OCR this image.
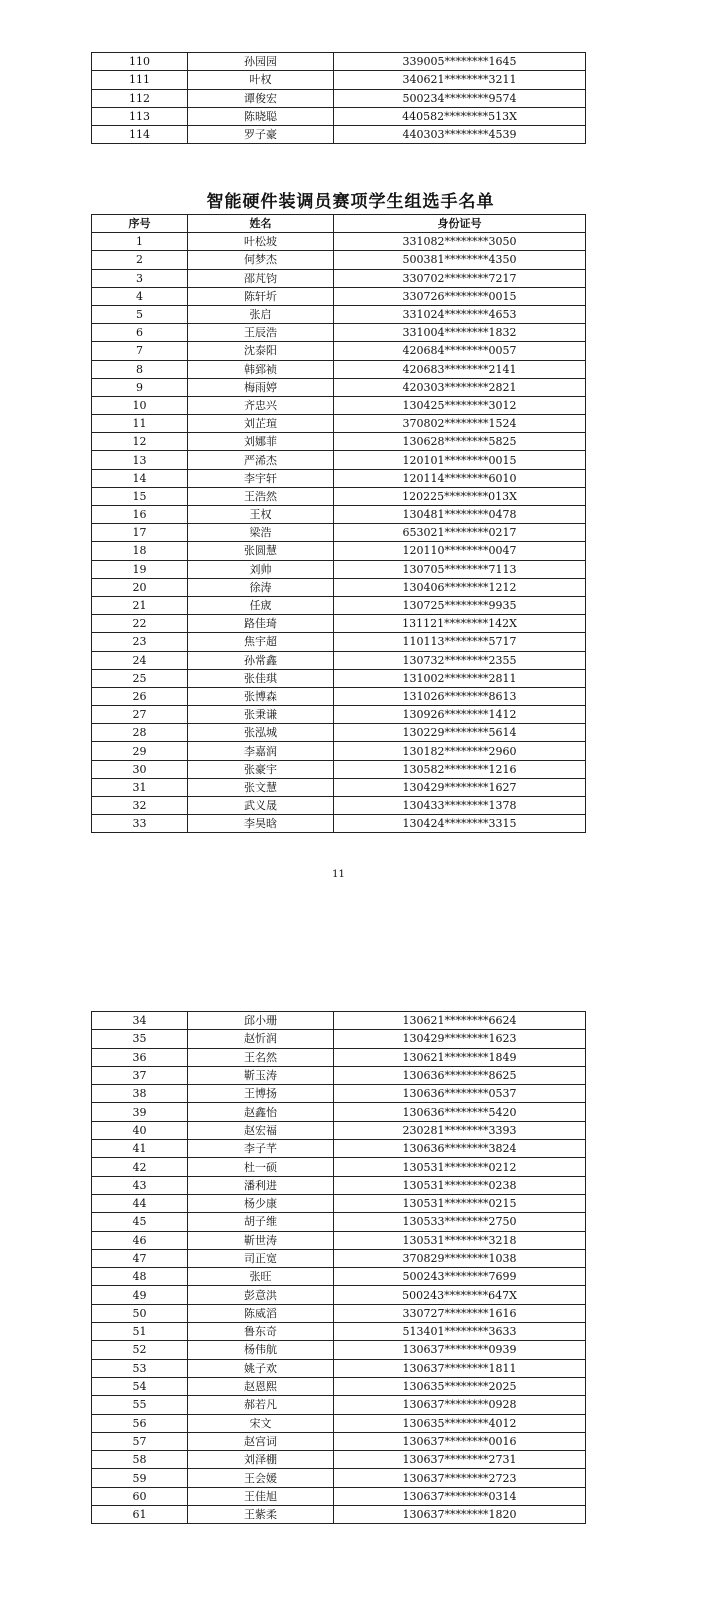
110	孙园园	339005********1645
111	叶权	340621********3211
112	谭俊宏	500234********9574
113	陈晓聪	440582********513X
114	罗子豪	440303********4539
智能硬件装调员赛项学生组选手名单
序号	姓名	身份证号
1	叶松坡	331082********3050
2	何梦杰	500381********4350
3	邵芃钧	330702********7217
4	陈轩圻	330726********0015
5	张启	331024********4653
6	王辰浩	331004********1832
7	沈泰阳	420684********0057
8	韩郅祯	420683********2141
9	梅雨婷	420303********2821
10	齐忠兴	130425********3012
11	刘芷瑄	370802********1524
12	刘娜菲	130628********5825
13	严浠杰	120101********0015
14	李宇轩	120114********6010
15	王浩然	120225********013X
16	王权	130481********0478
17	梁浩	653021********0217
18	张圆慧	120110********0047
19	刘帅	130705********7113
20	徐涛	130406********1212
21	任宬	130725********9935
22	路佳琦	131121********142X
23	焦宇超	110113********5717
24	孙常鑫	130732********2355
25	张佳琪	131002********2811
26	张博森	131026********8613
27	张秉谦	130926********1412
28	张泓城	130229********5614
29	李嘉润	130182********2960
30	张豪宇	130582********1216
31	张文慧	130429********1627
32	武义晟	130433********1378
33	李昊晗	130424********3315
11
34	邱小珊	130621********6624
35	赵忻润	130429********1623
36	王名然	130621********1849
37	靳玉涛	130636********8625
38	王博扬	130636********0537
39	赵鑫怡	130636********5420
40	赵宏福	230281********3393
41	李子芊	130636********3824
42	杜一硕	130531********0212
43	潘利进	130531********0238
44	杨少康	130531********0215
45	胡子维	130533********2750
46	靳世涛	130531********3218
47	司正宽	370829********1038
48	张旺	500243********7699
49	彭意洪	500243********647X
50	陈威滔	330727********1616
51	鲁东奇	513401********3633
52	杨伟航	130637********0939
53	姚子欢	130637********1811
54	赵恩熙	130635********2025
55	郝若凡	130637********0928
56	宋文	130635********4012
57	赵宫词	130637********0016
58	刘泽棚	130637********2731
59	王会媛	130637********2723
60	王佳旭	130637********0314
61	王紫柔	130637********1820
